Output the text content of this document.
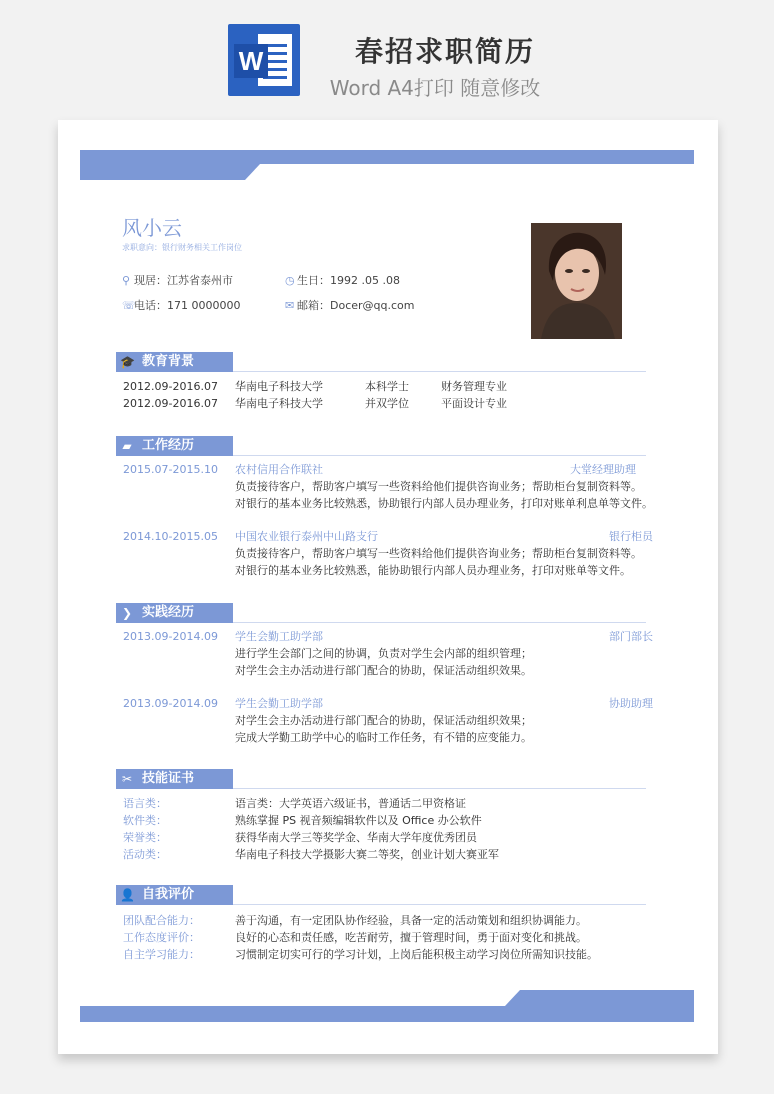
W	春招求职简历
Word A4打印 随意修改
风小云
求职意向：银行财务相关工作岗位
⚲ 现居：江苏省泰州市	◷ 生日：1992 .05 .08
☏电话：171 0000000	✉ 邮箱：Docer@qq.com
🎓 教育背景
2012.09-2016.07 华南电子科技大学	本科学士	财务管理专业
2012.09-2016.07 华南电子科技大学	并双学位	平面设计专业
▰ 工作经历
2015.07-2015.10 农村信用合作联社	大堂经理助理
负责接待客户，帮助客户填写一些资料给他们提供咨询业务；帮助柜台复制资料等。
对银行的基本业务比较熟悉，协助银行内部人员办理业务，打印对账单利息单等文件。
2014.10-2015.05 中国农业银行泰州中山路支行	银行柜员
负责接待客户，帮助客户填写一些资料给他们提供咨询业务；帮助柜台复制资料等。
对银行的基本业务比较熟悉，能协助银行内部人员办理业务，打印对账单等文件。
❯ 实践经历
2013.09-2014.09 学生会勤工助学部	部门部长
进行学生会部门之间的协调，负责对学生会内部的组织管理；
对学生会主办活动进行部门配合的协助，保证活动组织效果。
2013.09-2014.09 学生会勤工助学部	协助助理
对学生会主办活动进行部门配合的协助，保证活动组织效果；
完成大学勤工助学中心的临时工作任务，有不错的应变能力。
✂ 技能证书
语言类：	语言类：大学英语六级证书，普通话二甲资格证
软件类：	熟练掌握 PS 视音频编辑软件以及 Office 办公软件
荣誉类：	获得华南大学三等奖学金、华南大学年度优秀团员
活动类：	华南电子科技大学摄影大赛二等奖，创业计划大赛亚军
👤 自我评价
团队配合能力：	善于沟通，有一定团队协作经验，具备一定的活动策划和组织协调能力。
工作态度评价：	良好的心态和责任感，吃苦耐劳，擅于管理时间，勇于面对变化和挑战。
自主学习能力：	习惯制定切实可行的学习计划，上岗后能积极主动学习岗位所需知识技能。
